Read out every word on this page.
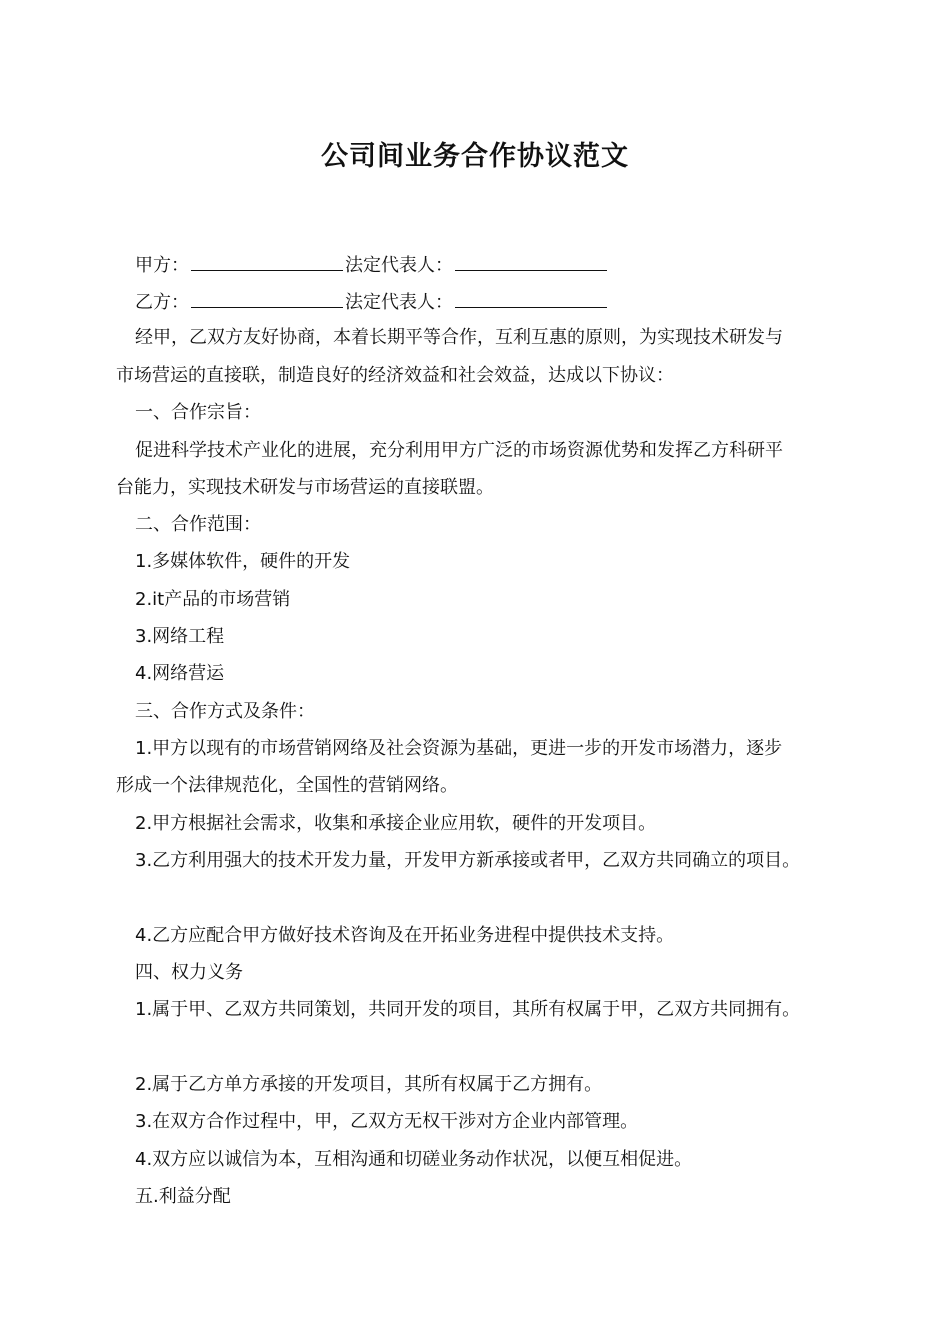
公司间业务合作协议范文
甲方：	法定代表人：
乙方：	法定代表人：
经甲，乙双方友好协商，本着长期平等合作，互利互惠的原则，为实现技术研发与
市场营运的直接联，制造良好的经济效益和社会效益，达成以下协议：
一、合作宗旨：
促进科学技术产业化的进展，充分利用甲方广泛的市场资源优势和发挥乙方科研平
台能力，实现技术研发与市场营运的直接联盟。
二、合作范围：
1.多媒体软件，硬件的开发
2.it产品的市场营销
3.网络工程
4.网络营运
三、合作方式及条件：
1.甲方以现有的市场营销网络及社会资源为基础，更进一步的开发市场潜力，逐步
形成一个法律规范化，全国性的营销网络。
2.甲方根据社会需求，收集和承接企业应用软，硬件的开发项目。
3.乙方利用强大的技术开发力量，开发甲方新承接或者甲，乙双方共同确立的项目。
4.乙方应配合甲方做好技术咨询及在开拓业务进程中提供技术支持。
四、权力义务
1.属于甲、乙双方共同策划，共同开发的项目，其所有权属于甲，乙双方共同拥有。
2.属于乙方单方承接的开发项目，其所有权属于乙方拥有。
3.在双方合作过程中，甲，乙双方无权干涉对方企业内部管理。
4.双方应以诚信为本，互相沟通和切磋业务动作状况，以便互相促进。
五.利益分配
